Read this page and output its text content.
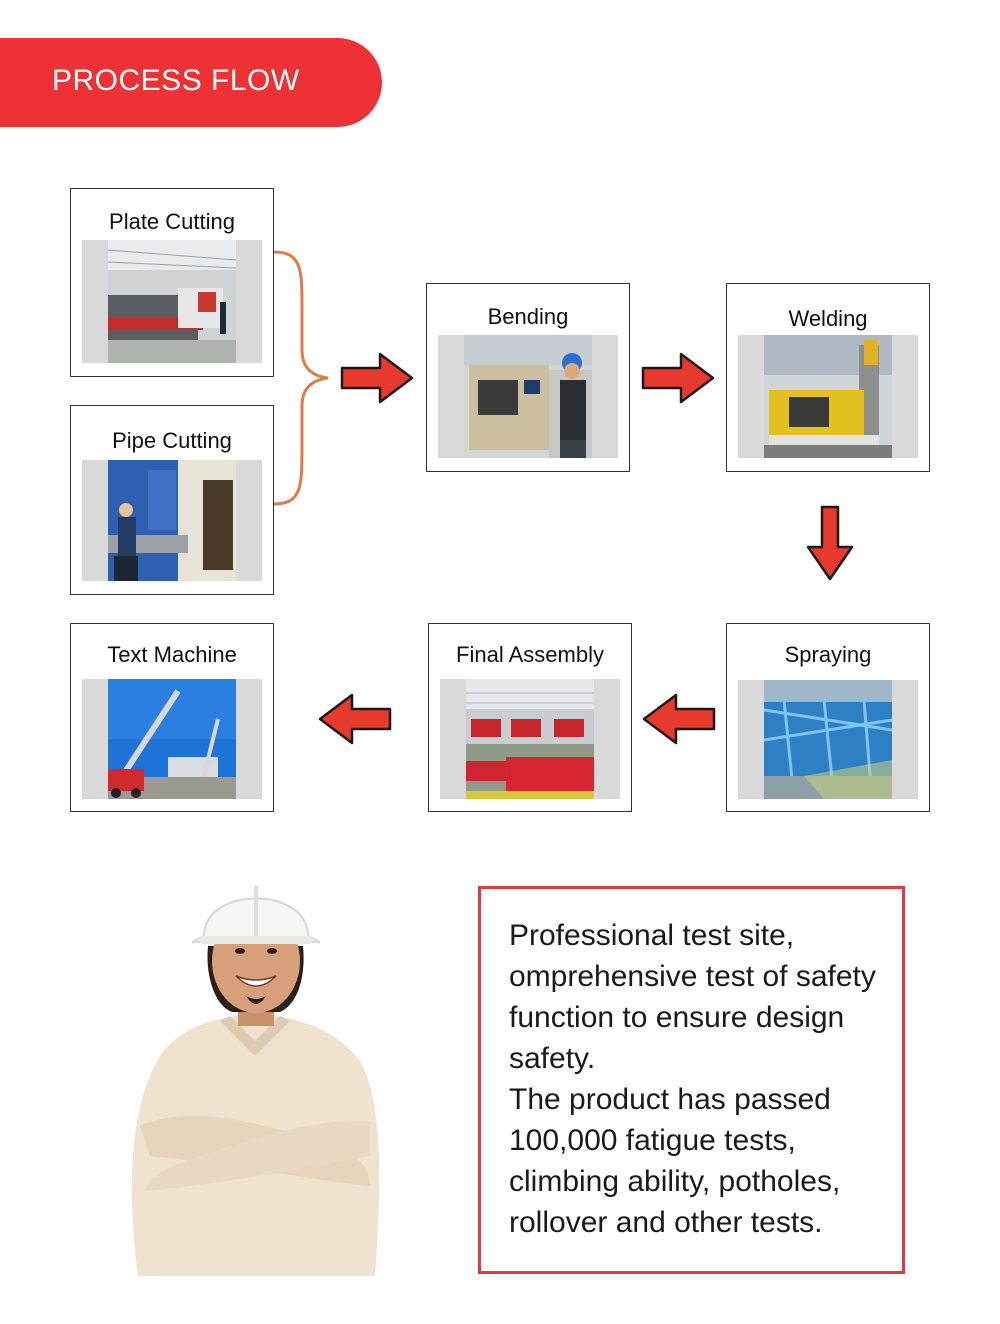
PROCESS FLOW
Plate Cutting
Pipe Cutting
Bending	Welding
Text Machine	Final Assembly	Spraying

Professional test site, omprehensive test of safety function to ensure design safety.

The product has passed 100,000 fatigue tests, climbing ability, potholes, rollover and other tests.
